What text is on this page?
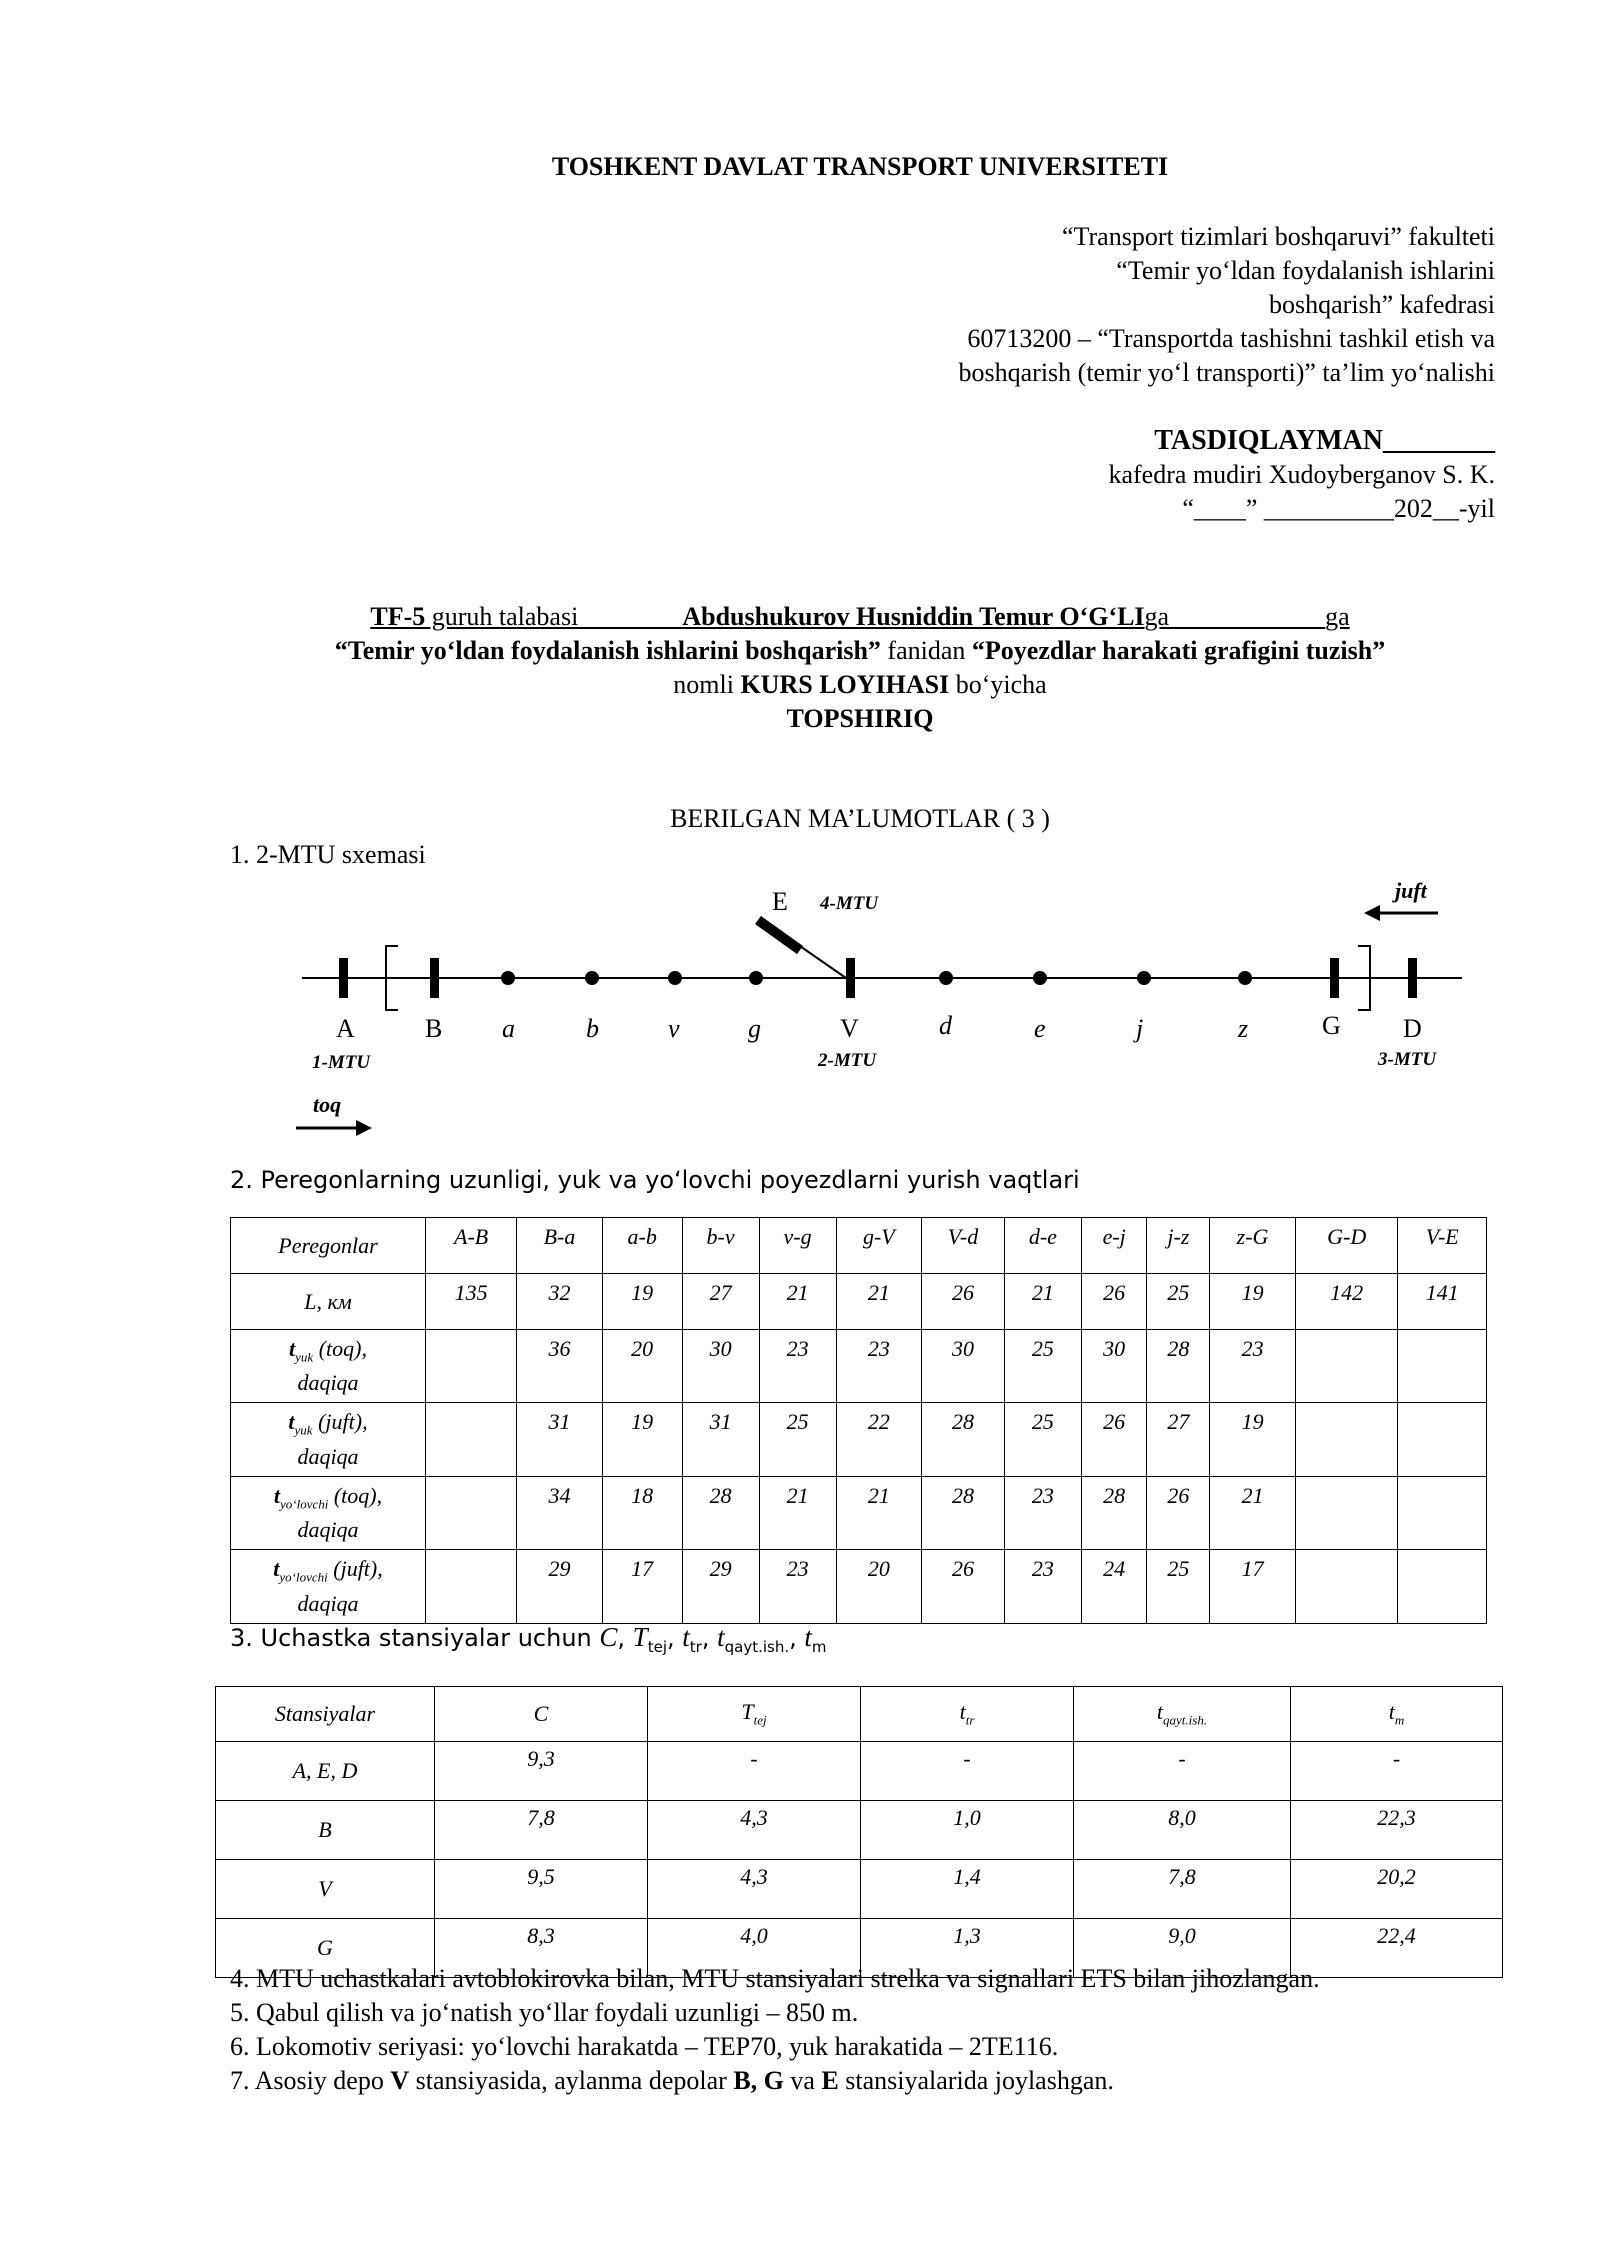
TOSHKENT DAVLAT TRANSPORT UNIVERSITETI
“Transport tizimlari boshqaruvi” fakulteti
“Temir yo‘ldan foydalanish ishlarini
boshqarish” kafedrasi
60713200 – “Transportda tashishni tashkil etish va
boshqarish (temir yo‘l transporti)” ta’lim yo‘nalishi
TASDIQLAYMAN________
kafedra mudiri Xudoyberganov S. K.
“____” __________202__-yil
TF-5 guruh talabasi________Abdushukurov Husniddin Temur O‘G‘LIga____________ga
“Temir yo‘ldan foydalanish ishlarini boshqarish” fanidan “Poyezdlar harakati grafigini tuzish”
nomli KURS LOYIHASI bo‘yicha
TOPSHIRIQ
BERILGAN MA’LUMOTLAR ( 3 )
1. 2-MTU sxemasi
A	B a	b	v	g	V	d	e	j	z	G D
E
1-MTU	2-MTU	3-MTU
4-MTU
juft
toq
2. Peregonlarning uzunligi, yuk va yo‘lovchi poyezdlarni yurish vaqtlari
Peregonlar	A-B	B-a	a-b	b-v	v-g	g-V	V-d	d-e	e-j	j-z	z-G	G-D	V-E
L, км	135	32	19	27	21	21	26	21	26	25	19	142	141
$t_{yuk}$ (toq),
daqiqa		36	20	30	23	23	30	25	30	28	23		
$t_{yuk}$ (juft),
daqiqa		31	19	31	25	22	28	25	26	27	19		
$t_{yo‘lovchi}$ (toq),
daqiqa		34	18	28	21	21	28	23	28	26	21		
$t_{yo‘lovchi}$ (juft),
daqiqa		29	17	29	23	20	26	23	24	25	17		
3. Uchastka stansiyalar uchun C, $T_{tej}$, $t_{tr}$, $t_{qayt.ish.}$, $t_m$
Stansiyalar	C	$T_{tej}$	$t_{tr}$	$t_{qayt.ish.}$	$t_m$
A, E, D	9,3	-	-	-	-
B	7,8	4,3	1,0	8,0	22,3
V	9,5	4,3	1,4	7,8	20,2
G	8,3	4,0	1,3	9,0	22,4
4. MTU uchastkalari avtoblokirovka bilan, MTU stansiyalari strelka va signallari ETS bilan jihozlangan.
5. Qabul qilish va jo‘natish yo‘llar foydali uzunligi – 850 m.
6. Lokomotiv seriyasi: yo‘lovchi harakatda – TEP70, yuk harakatida – 2TE116.
7. Asosiy depo V stansiyasida, aylanma depolar B, G va E stansiyalarida joylashgan.
